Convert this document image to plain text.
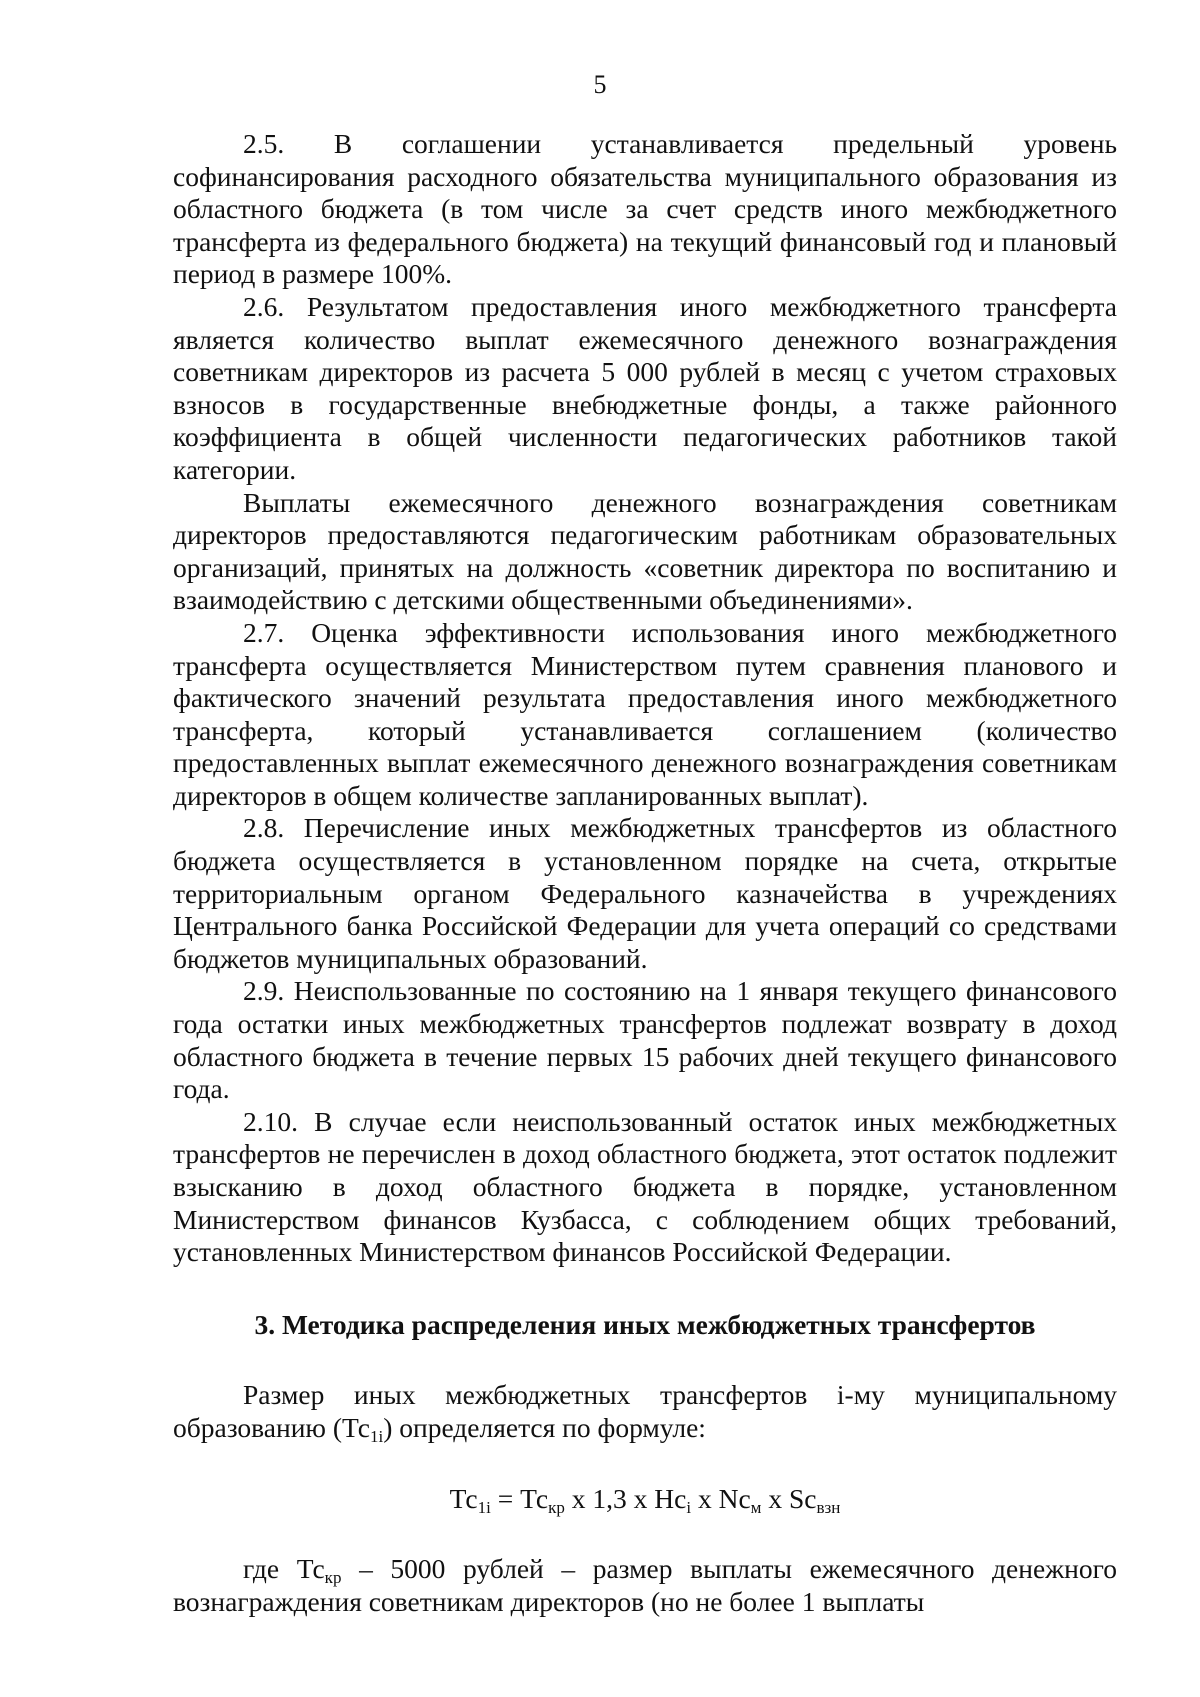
5

2.5. В соглашении устанавливается предельный уровень софинансирования расходного обязательства муниципального образования из областного бюджета (в том числе за счет средств иного межбюджетного трансферта из федерального бюджета) на текущий финансовый год и плановый период в размере 100%.

2.6. Результатом предоставления иного межбюджетного трансферта является количество выплат ежемесячного денежного вознаграждения советникам директоров из расчета 5 000 рублей в месяц с учетом страховых взносов в государственные внебюджетные фонды, а также районного коэффициента в общей численности педагогических работников такой категории.

Выплаты ежемесячного денежного вознаграждения советникам директоров предоставляются педагогическим работникам образовательных организаций, принятых на должность «советник директора по воспитанию и взаимодействию с детскими общественными объединениями».

2.7. Оценка эффективности использования иного межбюджетного трансферта осуществляется Министерством путем сравнения планового и фактического значений результата предоставления иного межбюджетного трансферта, который устанавливается соглашением (количество предоставленных выплат ежемесячного денежного вознаграждения советникам директоров в общем количестве запланированных выплат).

2.8. Перечисление иных межбюджетных трансфертов из областного бюджета осуществляется в установленном порядке на счета, открытые территориальным органом Федерального казначейства в учреждениях Центрального банка Российской Федерации для учета операций со средствами бюджетов муниципальных образований.

2.9. Неиспользованные по состоянию на 1 января текущего финансового года остатки иных межбюджетных трансфертов подлежат возврату в доход областного бюджета в течение первых 15 рабочих дней текущего финансового года.

2.10. В случае если неиспользованный остаток иных межбюджетных трансфертов не перечислен в доход областного бюджета, этот остаток подлежит взысканию в доход областного бюджета в порядке, установленном Министерством финансов Кузбасса, с соблюдением общих требований, установленных Министерством финансов Российской Федерации.

3. Методика распределения иных межбюджетных трансфертов

Размер иных межбюджетных трансфертов i-му муниципальному образованию $(Тс_{1i})$ определяется по формуле:

$Тс_{1i} = Тс_{кр}$ х 1,3 х $Нс_i$ х $Nс_м$ х $Sс_{взн}$

где $Тс_{кр} - 5000$ рублей – размер выплаты ежемесячного денежного вознаграждения советникам директоров (но не более 1 выплаты
